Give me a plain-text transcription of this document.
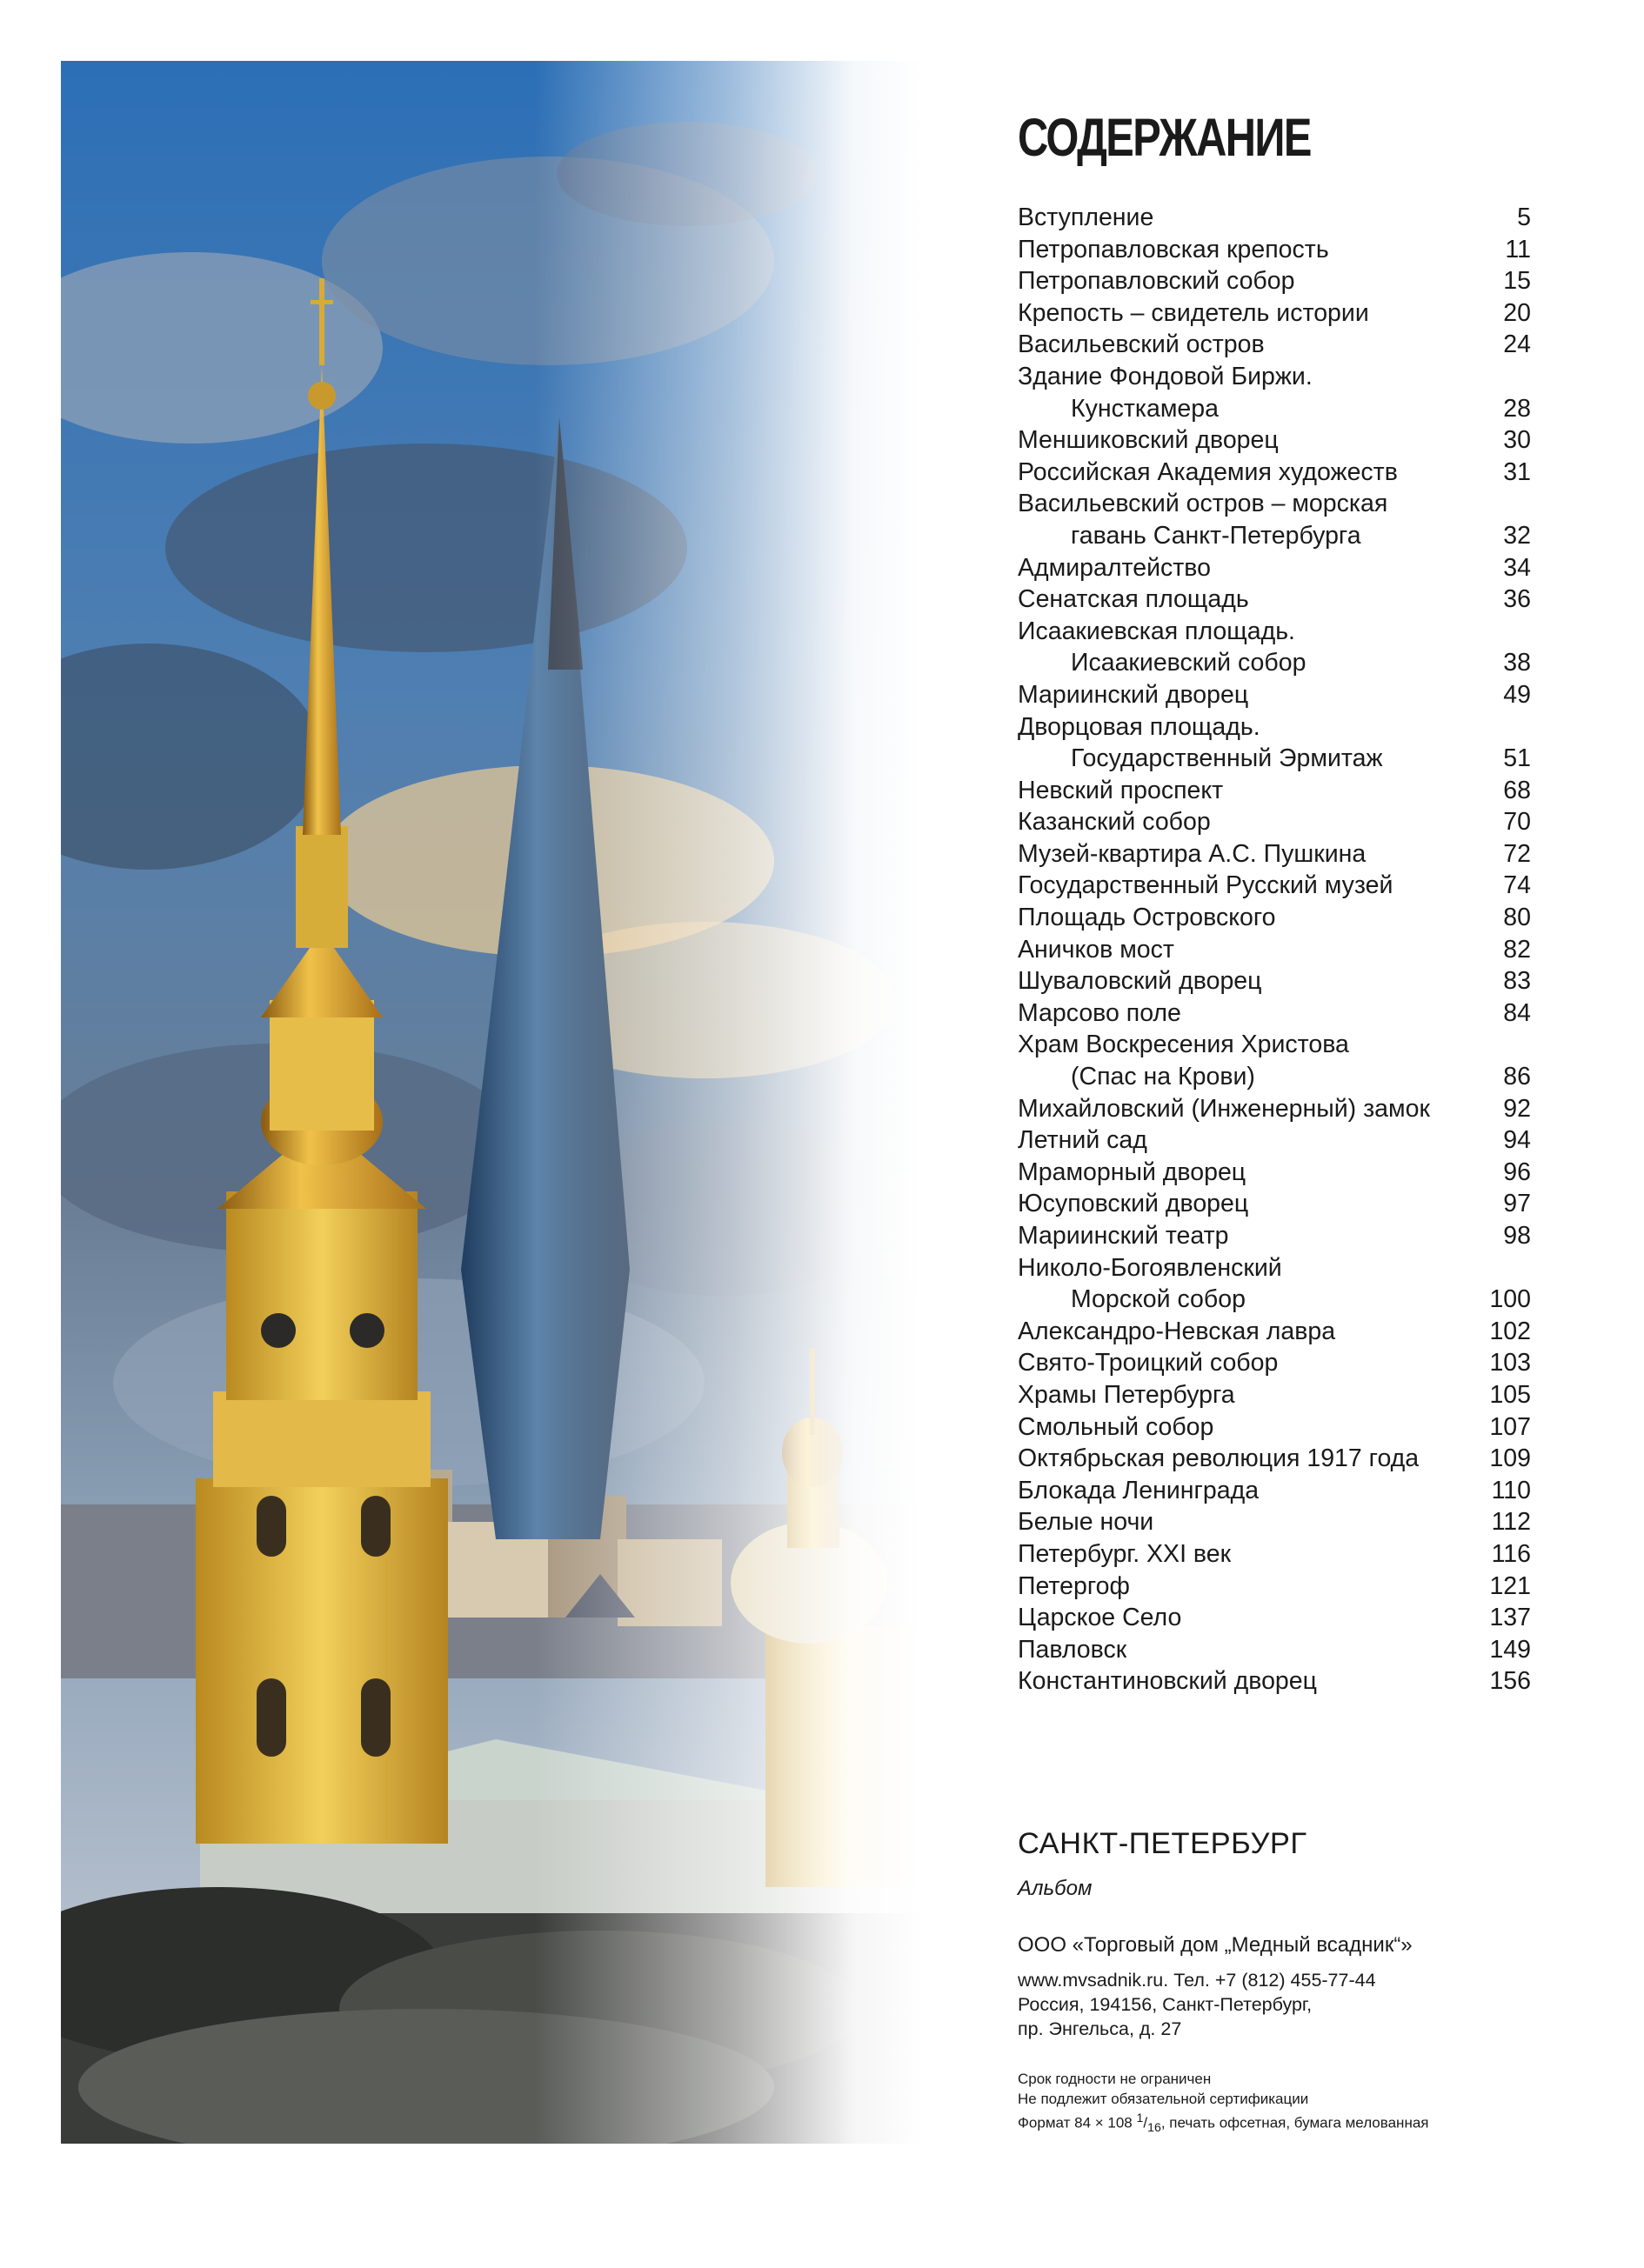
СОДЕРЖАНИЕ
Вступление	5
Петропавловская крепость	11
Петропавловский собор	15
Крепость – свидетель истории	20
Васильевский остров	24
Здание Фондовой Биржи.
Кунсткамера	28
Меншиковский дворец	30
Российская Академия художеств	31
Васильевский остров – морская
гавань Санкт-Петербурга	32
Адмиралтейство	34
Сенатская площадь	36
Исаакиевская площадь.
Исаакиевский собор	38
Мариинский дворец	49
Дворцовая площадь.
Государственный Эрмитаж	51
Невский проспект	68
Казанский собор	70
Музей-квартира А.С. Пушкина	72
Государственный Русский музей	74
Площадь Островского	80
Аничков мост	82
Шуваловский дворец	83
Марсово поле	84
Храм Воскресения Христова
(Спас на Крови)	86
Михайловский (Инженерный) замок	92
Летний сад	94
Мраморный дворец	96
Юсуповский дворец	97
Мариинский театр	98
Николо-Богоявленский
Морской собор	100
Александро-Невская лавра	102
Свято-Троицкий собор	103
Храмы Петербурга	105
Смольный собор	107
Октябрьская революция 1917 года	109
Блокада Ленинграда	110
Белые ночи	112
Петербург. XXI век	116
Петергоф	121
Царское Село	137
Павловск	149
Константиновский дворец	156
САНКТ-ПЕТЕРБУРГ
Альбом
ООО «Торговый дом „Медный всадник“»
www.mvsadnik.ru. Тел. +7 (812) 455-77-44
Россия, 194156, Санкт-Петербург,
пр. Энгельса, д. 27
Срок годности не ограничен
Не подлежит обязательной сертификации
Формат 84 × 108 $^1/_{16}$, печать офсетная, бумага мелованная
